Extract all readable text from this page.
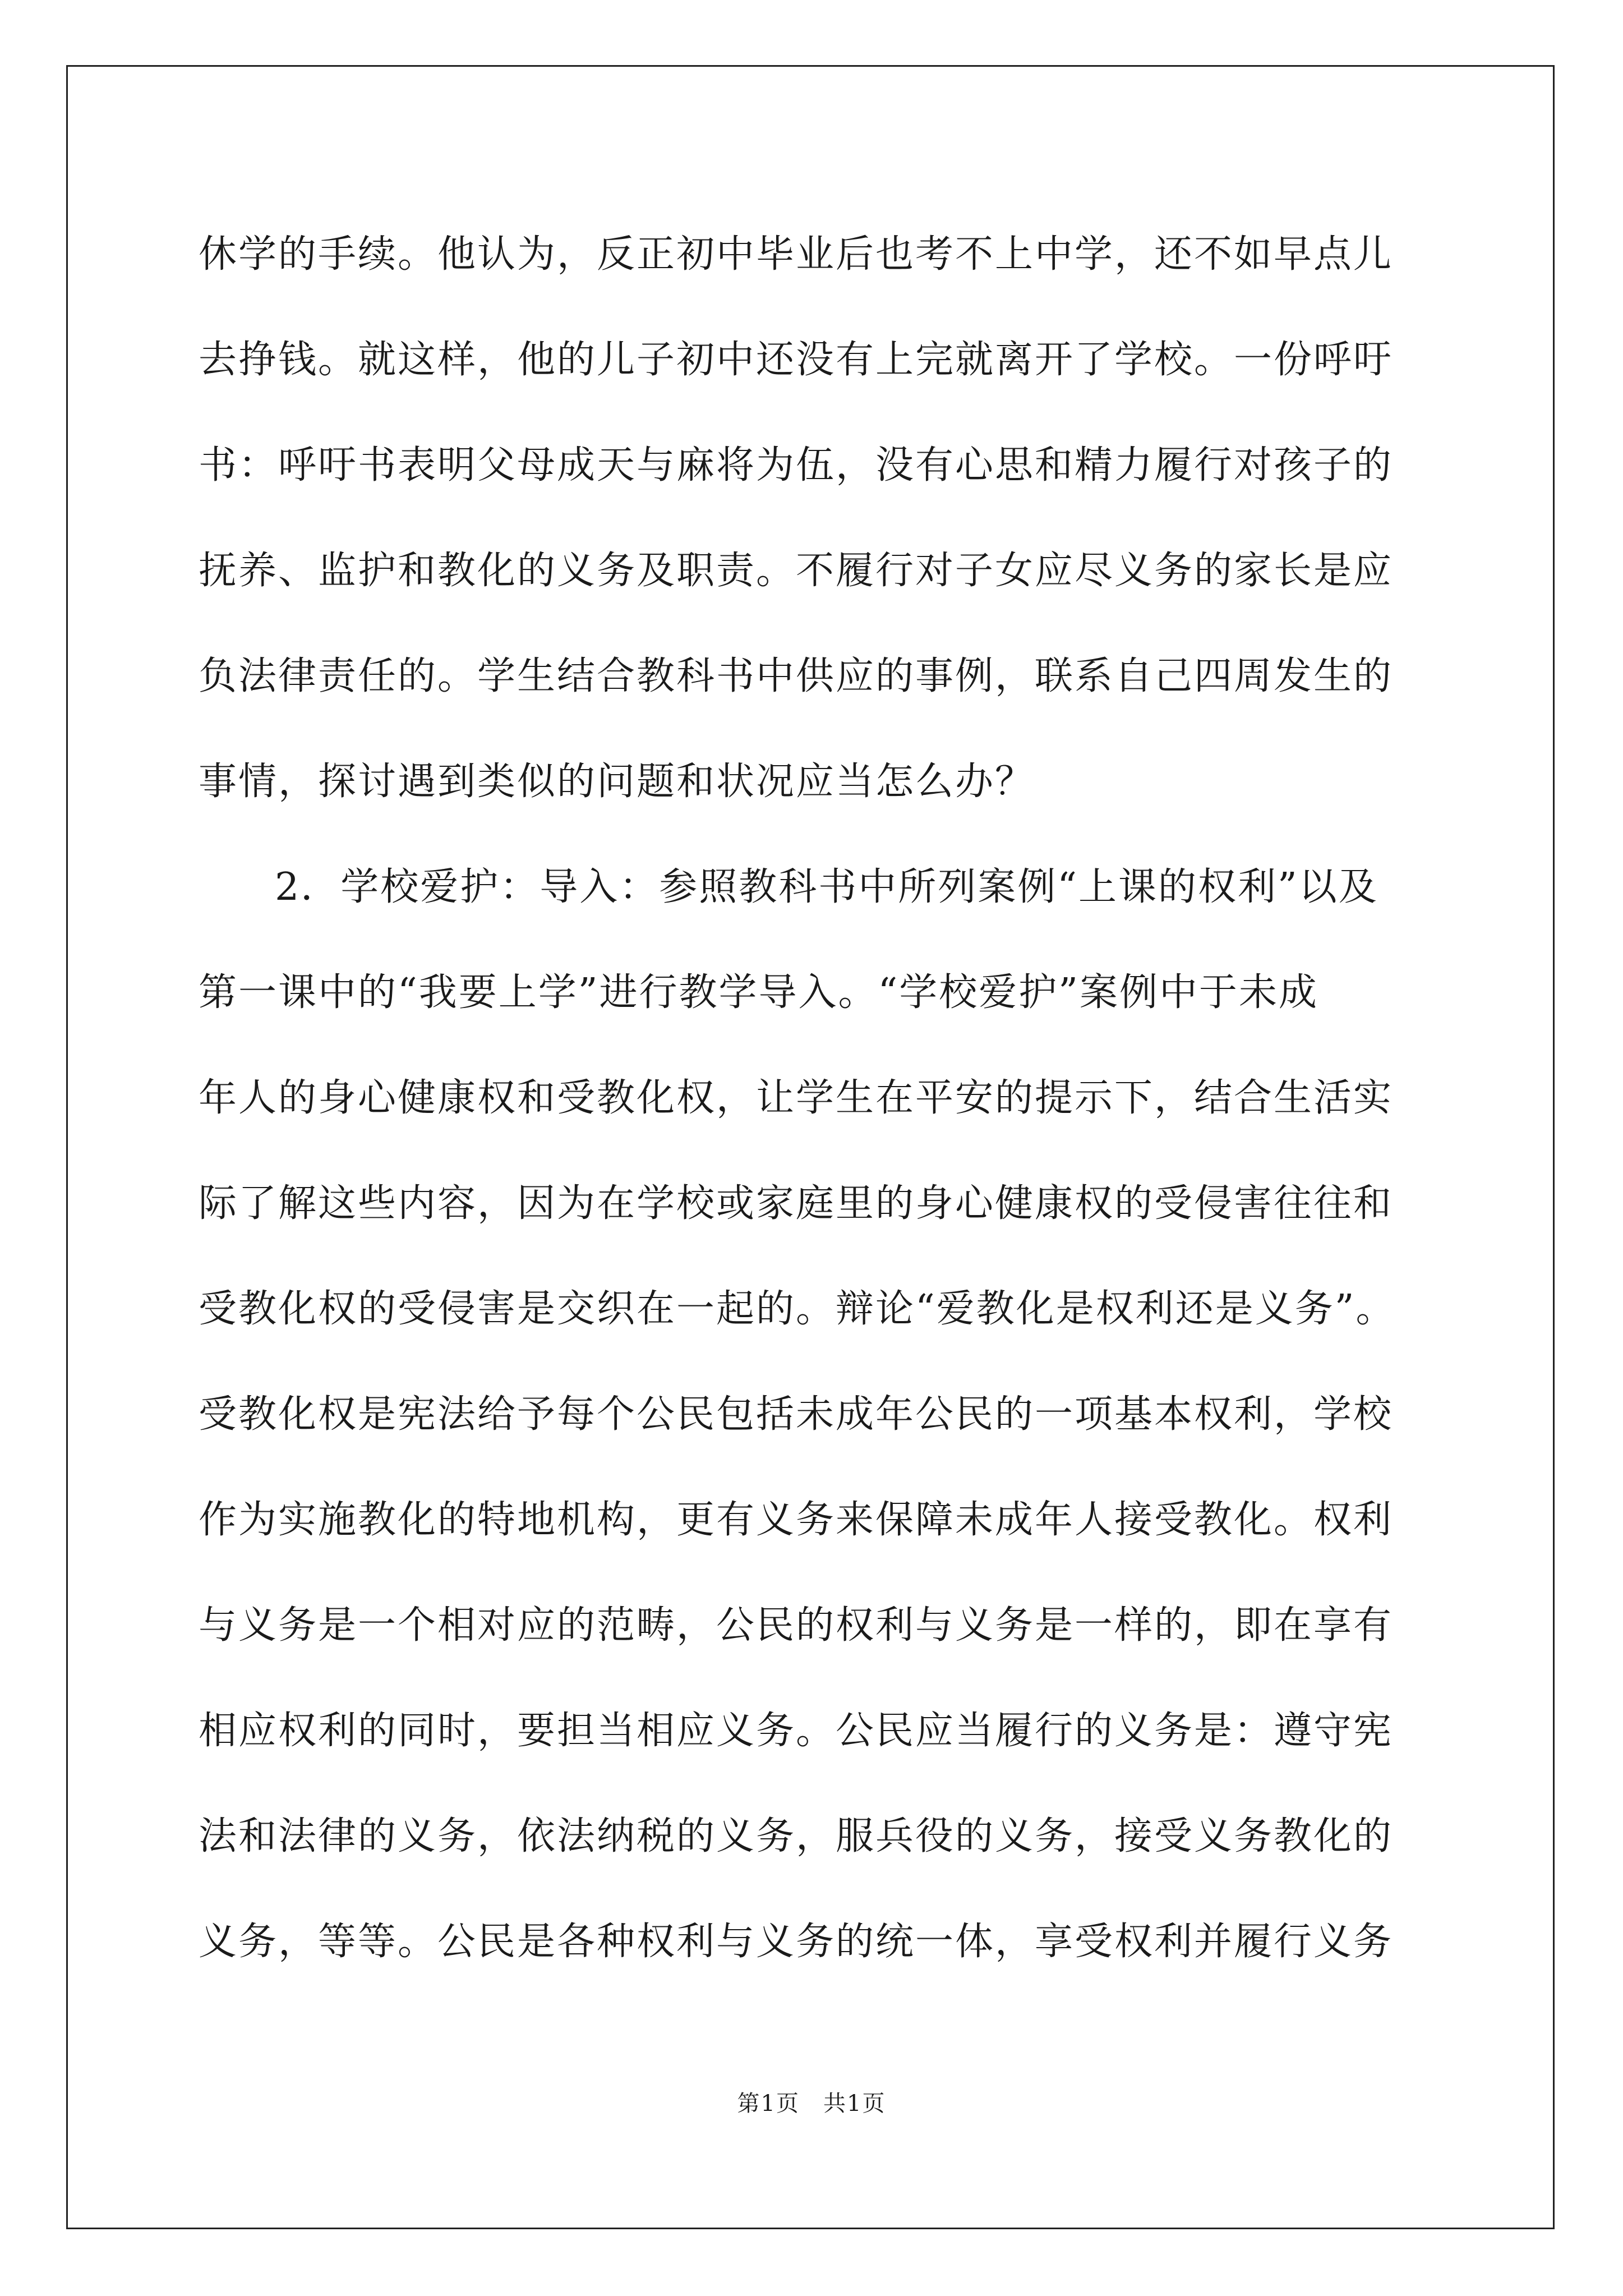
休学的手续。他认为，反正初中毕业后也考不上中学，还不如早点儿
去挣钱。就这样，他的儿子初中还没有上完就离开了学校。一份呼吁
书：呼吁书表明父母成天与麻将为伍，没有心思和精力履行对孩子的
抚养、监护和教化的义务及职责。不履行对子女应尽义务的家长是应
负法律责任的。学生结合教科书中供应的事例，联系自己四周发生的
事情，探讨遇到类似的问题和状况应当怎么办？
2．学校爱护：导入：参照教科书中所列案例“上课的权利”以及
第一课中的“我要上学”进行教学导入。“学校爱护”案例中于未成
年人的身心健康权和受教化权，让学生在平安的提示下，结合生活实
际了解这些内容，因为在学校或家庭里的身心健康权的受侵害往往和
受教化权的受侵害是交织在一起的。辩论“爱教化是权利还是义务”。
受教化权是宪法给予每个公民包括未成年公民的一项基本权利，学校
作为实施教化的特地机构，更有义务来保障未成年人接受教化。权利
与义务是一个相对应的范畴，公民的权利与义务是一样的，即在享有
相应权利的同时，要担当相应义务。公民应当履行的义务是：遵守宪
法和法律的义务，依法纳税的义务，服兵役的义务，接受义务教化的
义务，等等。公民是各种权利与义务的统一体，享受权利并履行义务
第1页　共1页
